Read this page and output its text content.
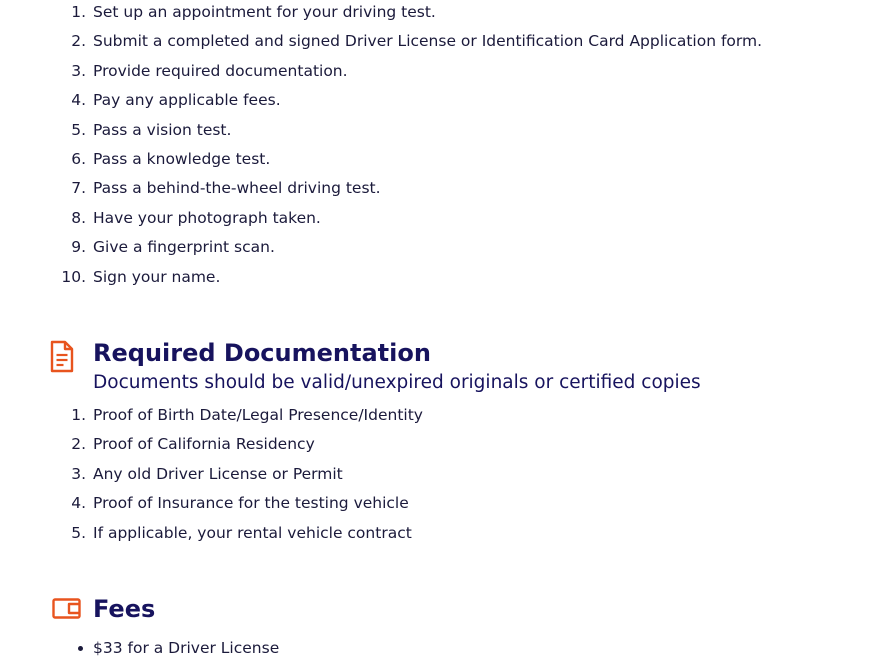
1. Set up an appointment for your driving test.
2. Submit a completed and signed Driver License or Identification Card Application form.
3. Provide required documentation.
4. Pay any applicable fees.
5. Pass a vision test.
6. Pass a knowledge test.
7. Pass a behind-the-wheel driving test.
8. Have your photograph taken.
9. Give a fingerprint scan.
10. Sign your name.
Required Documentation

Documents should be valid/unexpired originals or certified copies

1. Proof of Birth Date/Legal Presence/Identity
2. Proof of California Residency
3. Any old Driver License or Permit
4. Proof of Insurance for the testing vehicle
5. If applicable, your rental vehicle contract
Fees
$33 for a Driver License
